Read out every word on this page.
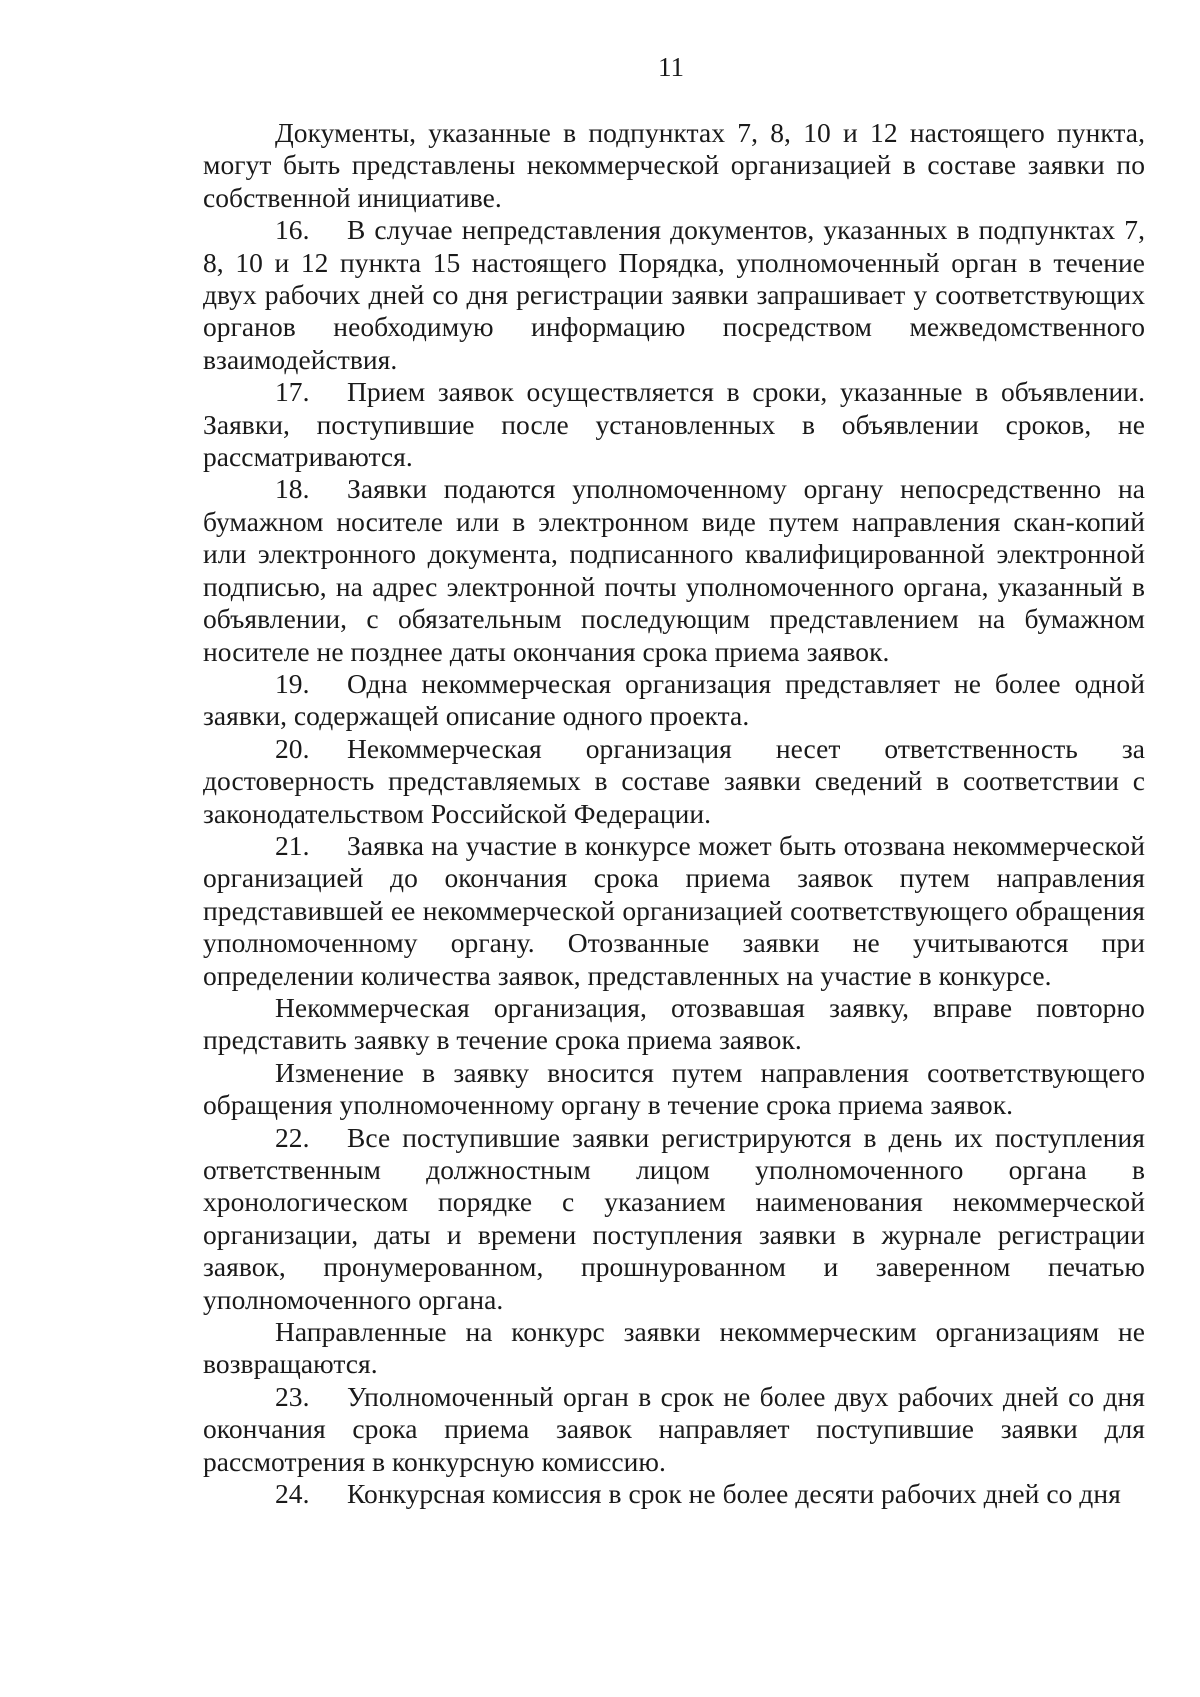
11

Документы, указанные в подпунктах 7, 8, 10 и 12 настоящего пункта, могут быть представлены некоммерческой организацией в составе заявки по собственной инициативе.

16. В случае непредставления документов, указанных в подпунктах 7, 8, 10 и 12 пункта 15 настоящего Порядка, уполномоченный орган в течение двух рабочих дней со дня регистрации заявки запрашивает у соответствующих органов необходимую информацию посредством межведомственного взаимодействия.

17. Прием заявок осуществляется в сроки, указанные в объявлении. Заявки, поступившие после установленных в объявлении сроков, не рассматриваются.

18. Заявки подаются уполномоченному органу непосредственно на бумажном носителе или в электронном виде путем направления скан-копий или электронного документа, подписанного квалифицированной электронной подписью, на адрес электронной почты уполномоченного органа, указанный в объявлении, с обязательным последующим представлением на бумажном носителе не позднее даты окончания срока приема заявок.

19. Одна некоммерческая организация представляет не более одной заявки, содержащей описание одного проекта.

20. Некоммерческая организация несет ответственность за достоверность представляемых в составе заявки сведений в соответствии с законодательством Российской Федерации.

21. Заявка на участие в конкурсе может быть отозвана некоммерческой организацией до окончания срока приема заявок путем направления представившей ее некоммерческой организацией соответствующего обращения уполномоченному органу. Отозванные заявки не учитываются при определении количества заявок, представленных на участие в конкурсе.

Некоммерческая организация, отозвавшая заявку, вправе повторно представить заявку в течение срока приема заявок.

Изменение в заявку вносится путем направления соответствующего обращения уполномоченному органу в течение срока приема заявок.

22. Все поступившие заявки регистрируются в день их поступления ответственным должностным лицом уполномоченного органа в хронологическом порядке с указанием наименования некоммерческой организации, даты и времени поступления заявки в журнале регистрации заявок, пронумерованном, прошнурованном и заверенном печатью уполномоченного органа.

Направленные на конкурс заявки некоммерческим организациям не возвращаются.

23. Уполномоченный орган в срок не более двух рабочих дней со дня окончания срока приема заявок направляет поступившие заявки для рассмотрения в конкурсную комиссию.

24. Конкурсная комиссия в срок не более десяти рабочих дней со дня
